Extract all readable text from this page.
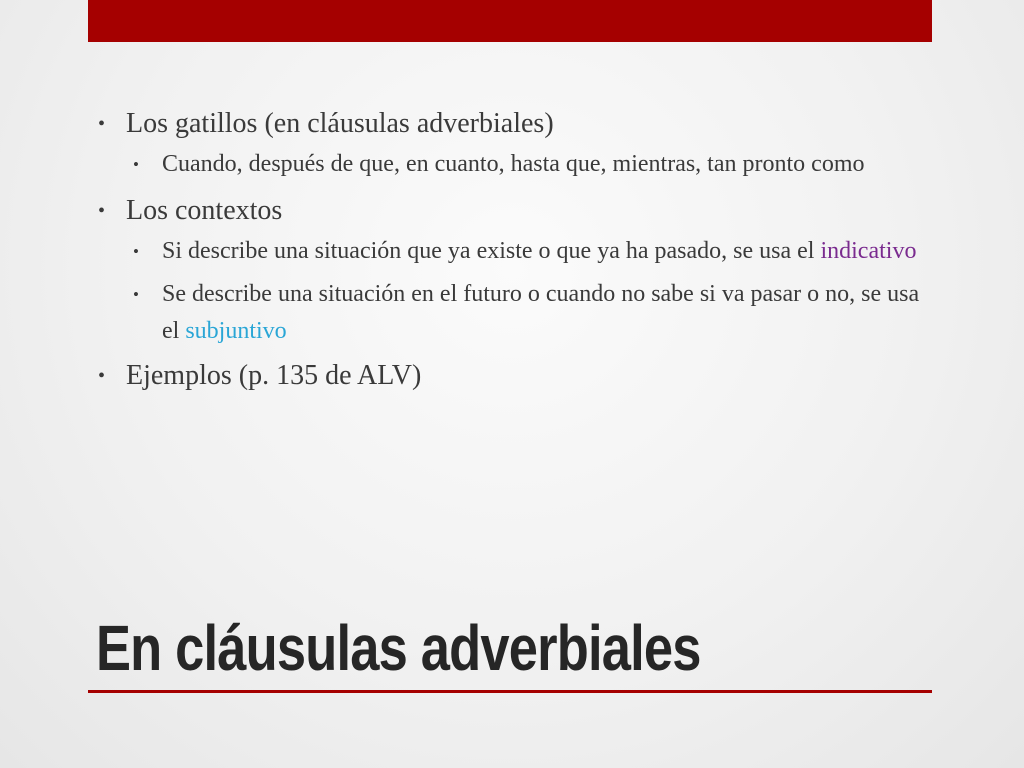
• Los gatillos (en cláusulas adverbiales)
• Cuando, después de que, en cuanto, hasta que, mientras, tan pronto como
• Los contextos
• Si describe una situación que ya existe o que ya ha pasado, se usa el indicativo
• Se describe una situación en el futuro o cuando no sabe si va pasar o no, se usa el subjuntivo
• Ejemplos (p. 135 de ALV)
En cláusulas adverbiales
